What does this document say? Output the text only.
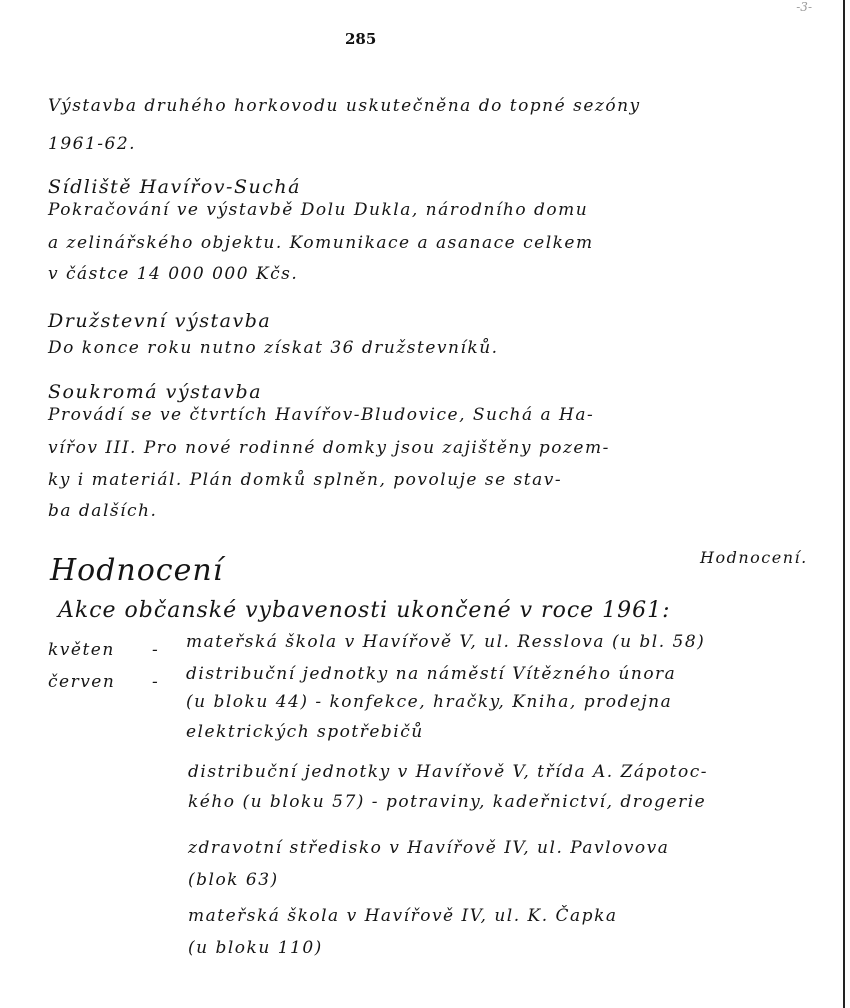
-3-
285
Výstavba druhého horkovodu uskutečněna do topné sezóny
1961-62.
Sídliště Havířov-Suchá
Pokračování ve výstavbě Dolu Dukla, národního domu
a zelinářského objektu. Komunikace a asanace celkem
v částce 14 000 000 Kčs.
Družstevní výstavba
Do konce roku nutno získat 36 družstevníků.
Soukromá výstavba
Provádí se ve čtvrtích Havířov-Bludovice, Suchá a Ha-
vířov III. Pro nové rodinné domky jsou zajištěny pozem-
ky i materiál. Plán domků splněn, povoluje se stav-
ba dalších.
Hodnocení	Hodnocení.
Akce občanské vybavenosti ukončené v roce 1961:
květen - mateřská škola v Havířově V, ul. Resslova (u bl. 58)
červen - distribuční jednotky na náměstí Vítězného února
(u bloku 44) - konfekce, hračky, Kniha, prodejna
elektrických spotřebičů
distribuční jednotky v Havířově V, třída A. Zápotoc-
kého (u bloku 57) - potraviny, kadeřnictví, drogerie
zdravotní středisko v Havířově IV, ul. Pavlovova
(blok 63)
mateřská škola v Havířově IV, ul. K. Čapka
(u bloku 110)
